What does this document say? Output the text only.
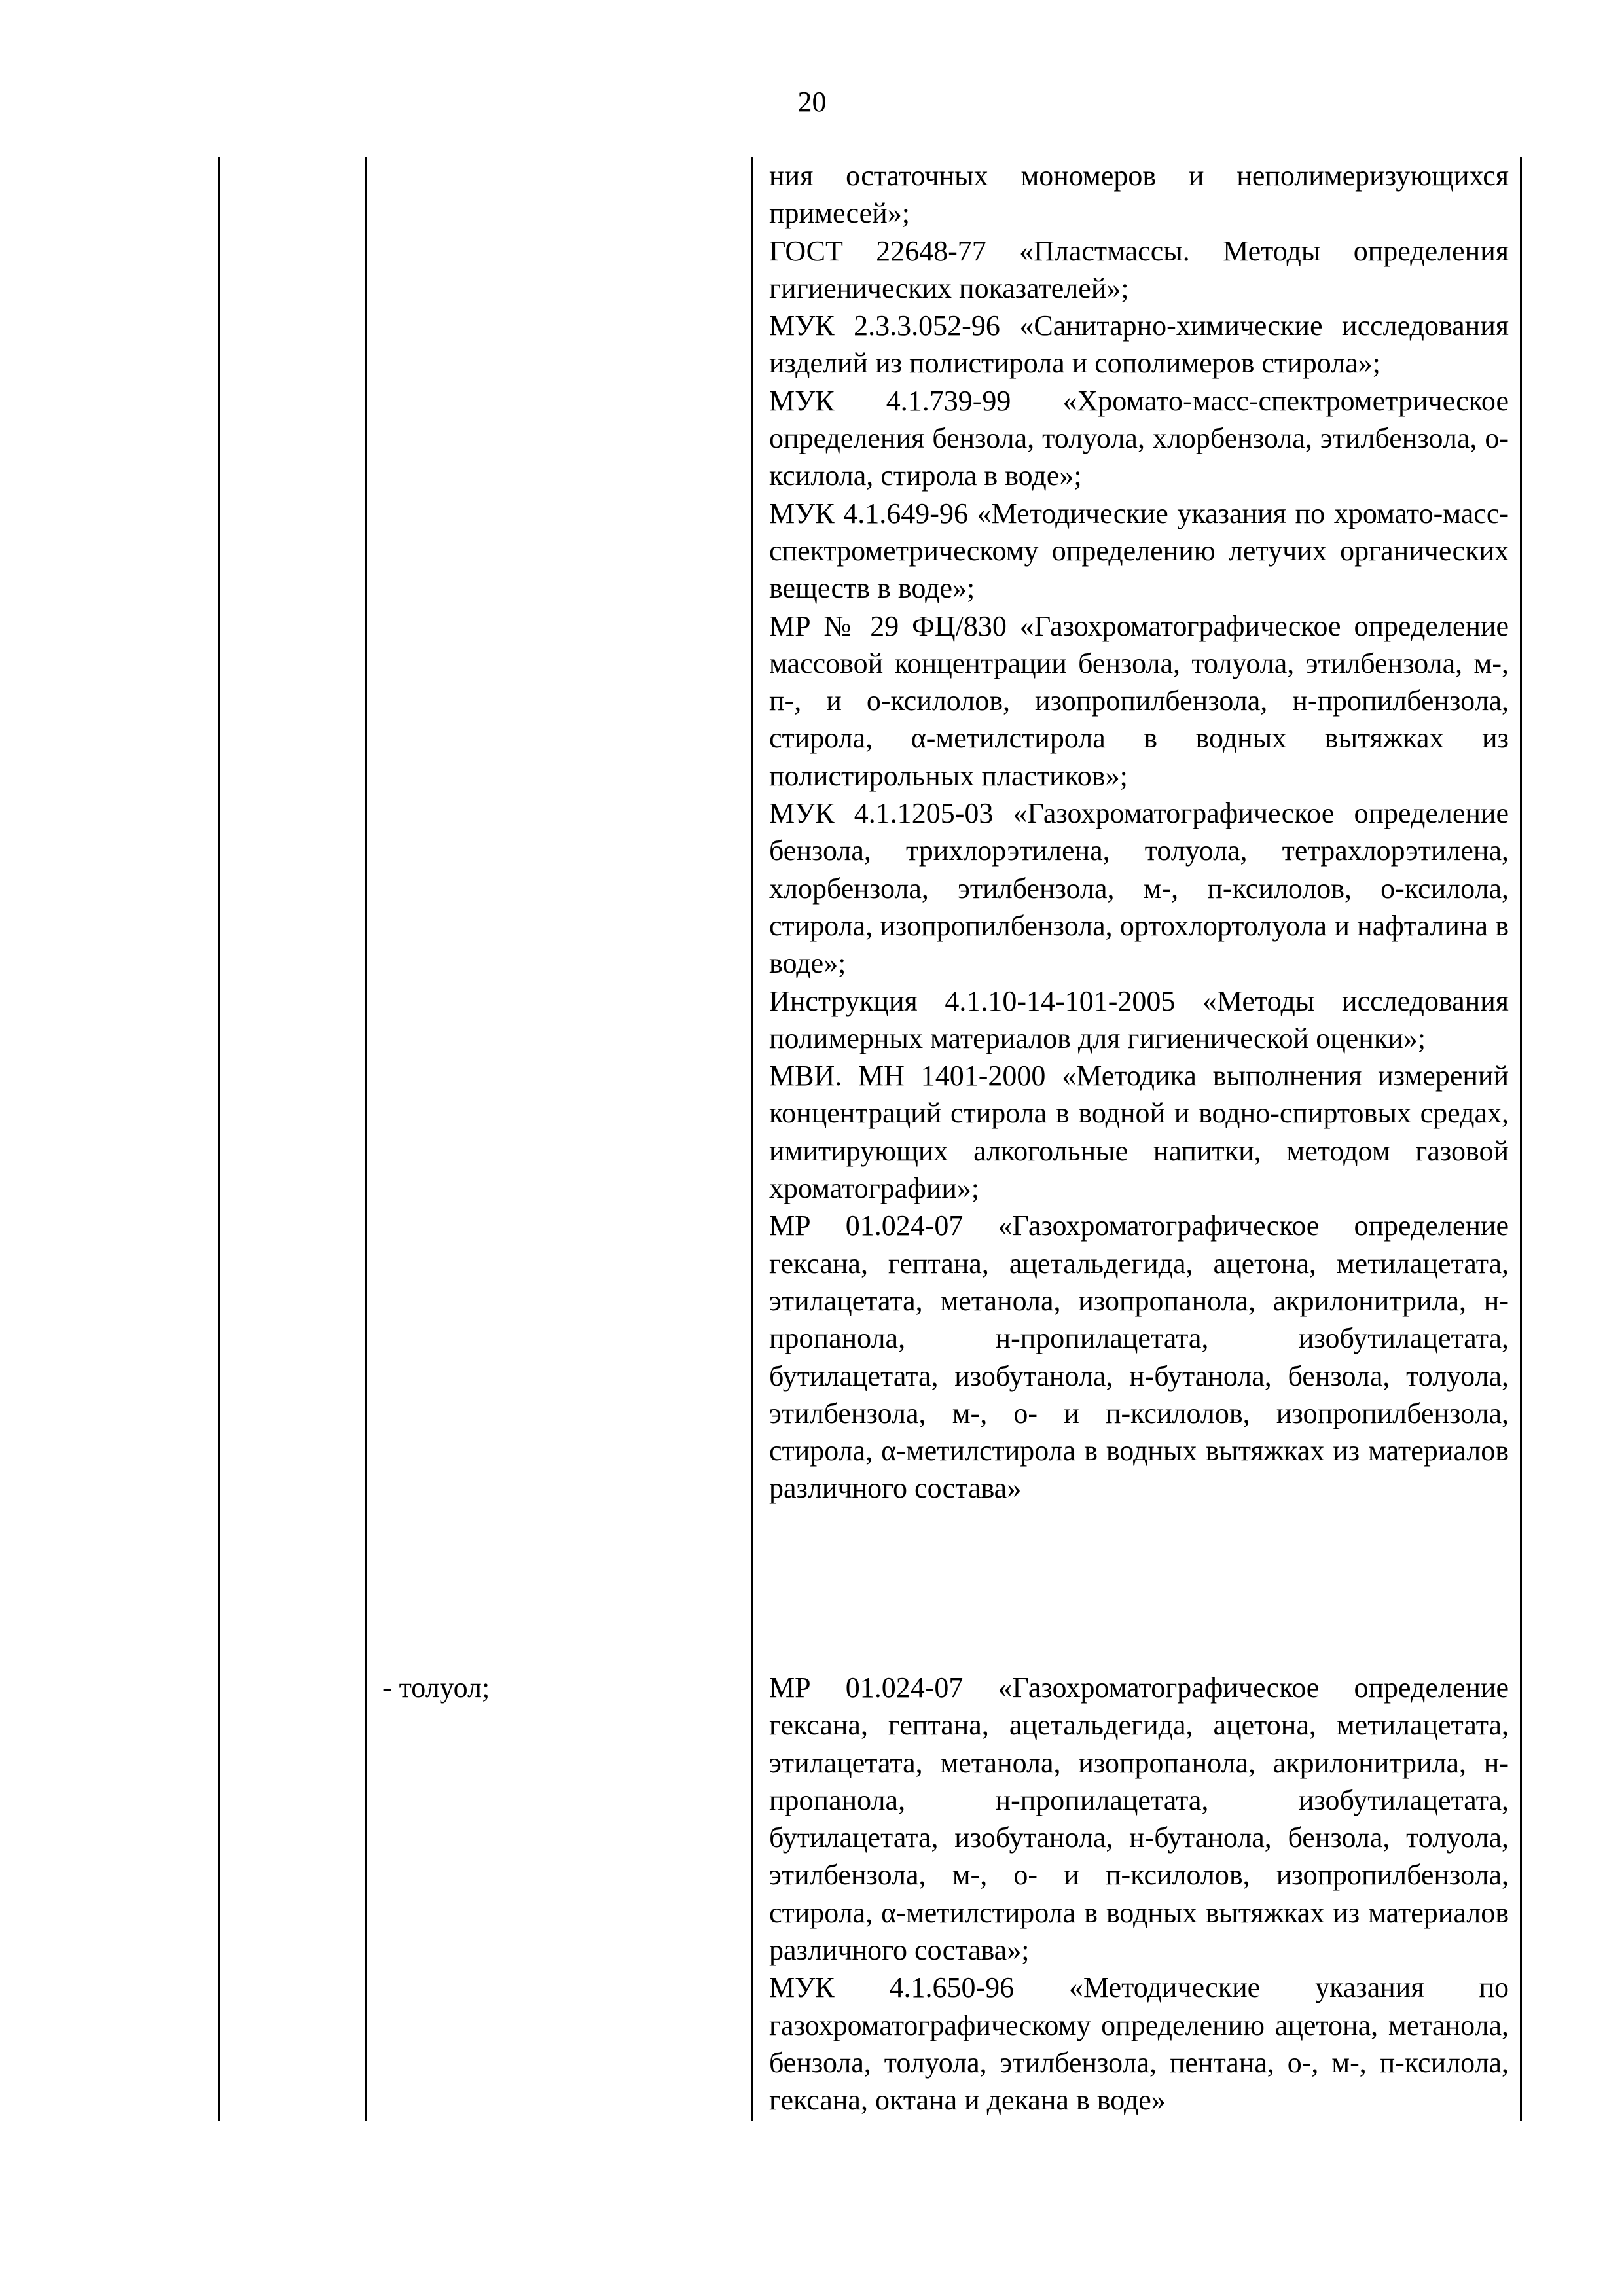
20

ния остаточных мономеров и неполимеризующихся примесей»;

ГОСТ 22648-77 «Пластмассы. Методы определения гигиенических показателей»;

МУК 2.3.3.052-96 «Санитарно-химические исследования изделий из полистирола и сополимеров стирола»;

МУК 4.1.739-99 «Хромато-масс-спектрометрическое определения бензола, толуола, хлорбензола, этилбензола, о-ксилола, стирола в воде»;

МУК 4.1.649-96 «Методические указания по хромато-масс-спектрометрическому определению летучих органических веществ в воде»;

МР № 29 ФЦ/830 «Газохроматографическое определение массовой концентрации бензола, толуола, этилбензола, м-, п-, и о-ксилолов, изопропилбензола, н-пропилбензола, стирола, α-метилстирола в водных вытяжках из полистирольных пластиков»;

МУК 4.1.1205-03 «Газохроматографическое определение бензола, трихлорэтилена, толуола, тетрахлорэтилена, хлорбензола, этилбензола, м-, п-ксилолов, о-ксилола, стирола, изопропилбензола, ортохлортолуола и нафталина в воде»;

Инструкция 4.1.10-14-101-2005 «Методы исследования полимерных материалов для гигиенической оценки»;

МВИ. МН 1401-2000 «Методика выполнения измерений концентраций стирола в водной и водно-спиртовых средах, имитирующих алкогольные напитки, методом газовой хроматографии»;

МР 01.024-07 «Газохроматографическое определение гексана, гептана, ацетальдегида, ацетона, метилацетата, этилацетата, метанола, изопропанола, акрилонитрила, н-пропанола, н-пропилацетата, изобутилацетата, бутилацетата, изобутанола, н-бутанола, бензола, толуола, этилбензола, м-, о- и п-ксилолов, изопропилбензола, стирола, α-метилстирола в водных вытяжках из материалов различного состава»

- толуол;	МР 01.024-07 «Газохроматографическое определение гексана, гептана, ацетальдегида, ацетона, метилацетата, этилацетата, метанола, изопропанола, акрилонитрила, н-пропанола, н-пропилацетата, изобутилацетата, бутилацетата, изобутанола, н-бутанола, бензола, толуола, этилбензола, м-, о- и п-ксилолов, изопропилбензола, стирола, α-метилстирола в водных вытяжках из материалов различного состава»;

МУК 4.1.650-96 «Методические указания по газохроматографическому определению ацетона, метанола, бензола, толуола, этилбензола, пентана, о-, м-, п-ксилола, гексана, октана и декана в воде»
